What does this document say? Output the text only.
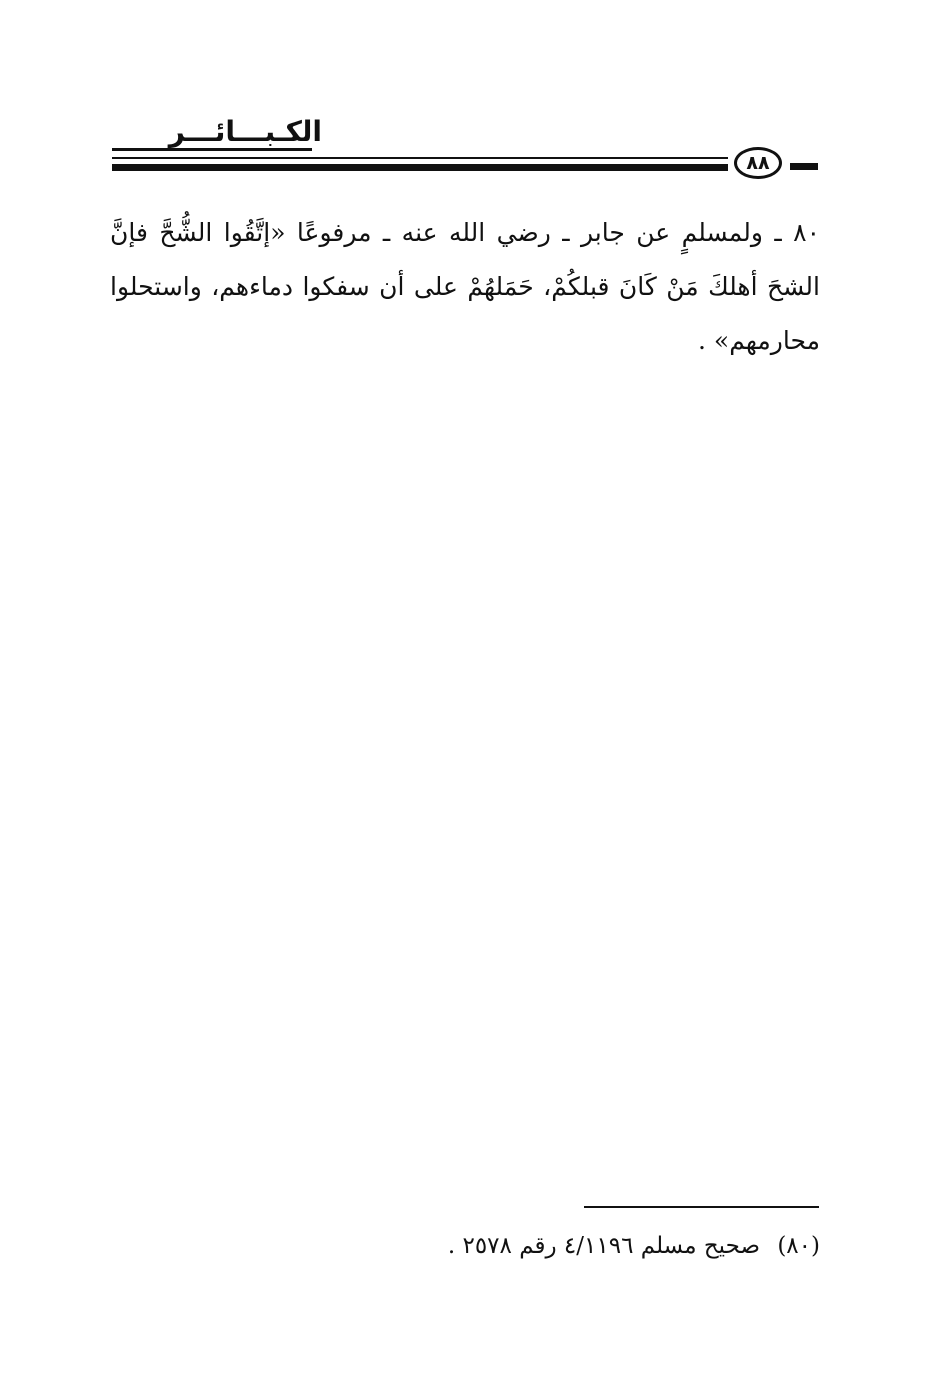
الكـبـــائـــر
٨٨
٨٠ ـ ولمسلمٍ عن جابر ـ رضي الله عنه ـ مرفوعًا «إتَّقُوا الشُّحَّ فإنَّ الشحَ أهلكَ مَنْ كَانَ قبلكُمْ، حَمَلهُمْ على أن سفكوا دماءهم، واستحلوا محارمهم» .
(٨٠) صحيح مسلم ٤/١١٩٦ رقم ٢٥٧٨ .
